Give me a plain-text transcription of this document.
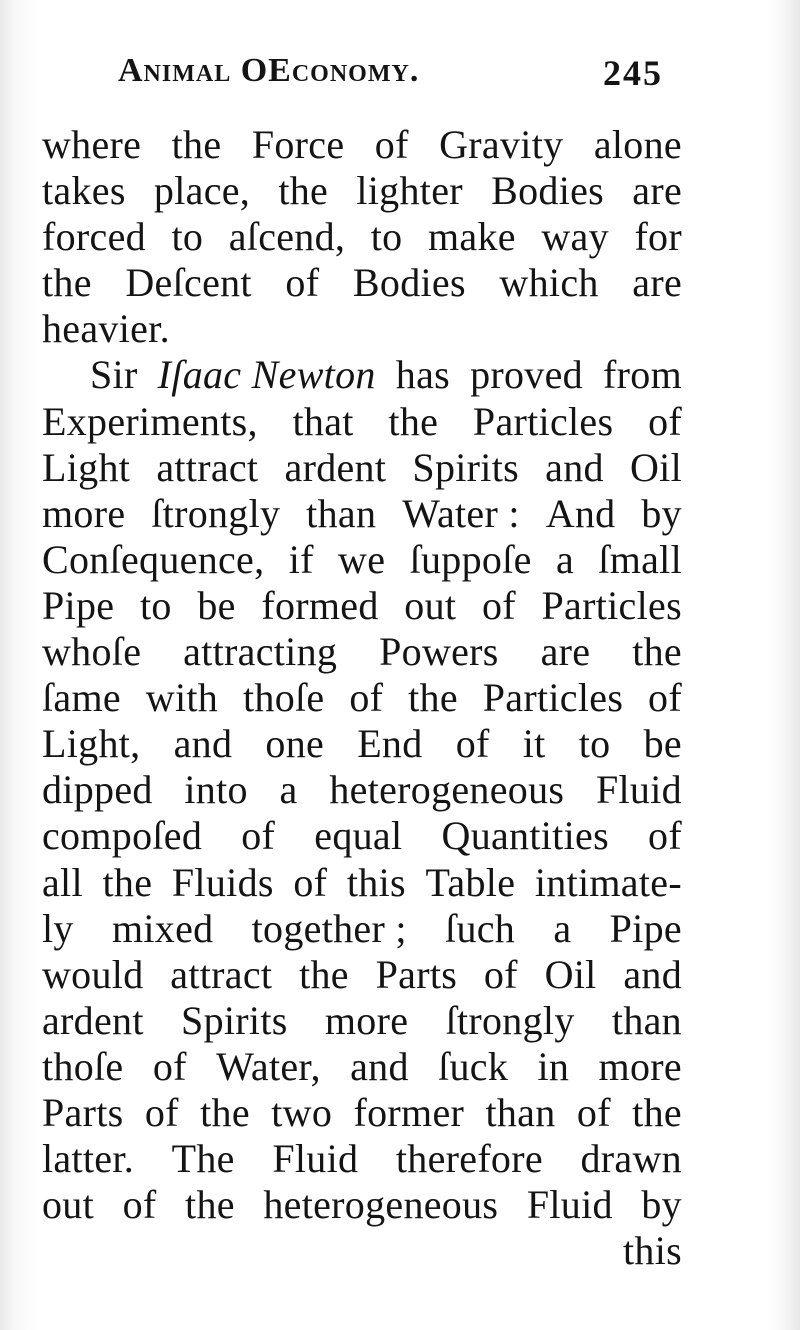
Animal OEconomy.	245
where the Force of Gravity alone
takes place, the lighter Bodies are
forced to aſcend, to make way for
the Deſcent of Bodies which are
heavier.
Sir Iſaac Newton has proved from
Experiments, that the Particles of
Light attract ardent Spirits and Oil
more ſtrongly than Water : And by
Conſequence, if we ſuppoſe a ſmall
Pipe to be formed out of Particles
whoſe attracting Powers are the
ſame with thoſe of the Particles of
Light, and one End of it to be
dipped into a heterogeneous Fluid
compoſed of equal Quantities of
all the Fluids of this Table intimate-
ly mixed together ; ſuch a Pipe
would attract the Parts of Oil and
ardent Spirits more ſtrongly than
thoſe of Water, and ſuck in more
Parts of the two former than of the
latter. The Fluid therefore drawn
out of the heterogeneous Fluid by
this
